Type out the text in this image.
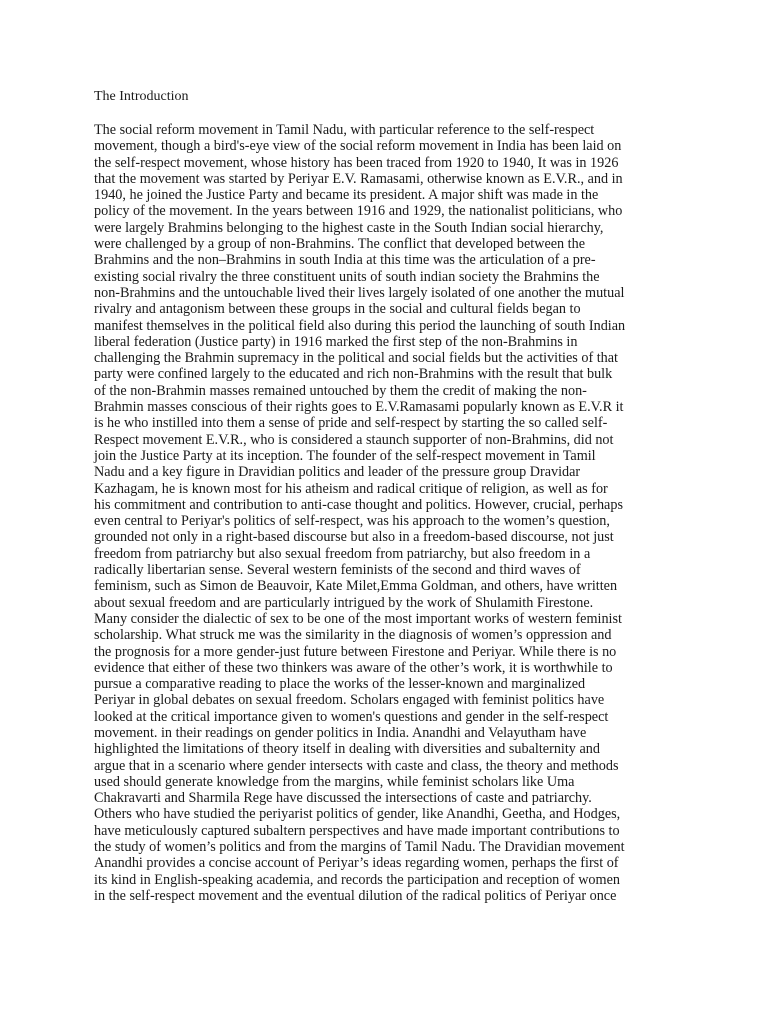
The Introduction
The social reform movement in Tamil Nadu, with particular reference to the self-respect
movement, though a bird's-eye view of the social reform movement in India has been laid on
the self-respect movement, whose history has been traced from 1920 to 1940, It was in 1926
that the movement was started by Periyar E.V. Ramasami, otherwise known as E.V.R., and in
1940, he joined the Justice Party and became its president. A major shift was made in the
policy of the movement. In the years between 1916 and 1929, the nationalist politicians, who
were largely Brahmins belonging to the highest caste in the South Indian social hierarchy,
were challenged by a group of non-Brahmins. The conflict that developed between the
Brahmins and the non–Brahmins in south India at this time was the articulation of a pre-
existing social rivalry the three constituent units of south indian society the Brahmins the
non-Brahmins and the untouchable lived their lives largely isolated of one another the mutual
rivalry and antagonism between these groups in the social and cultural fields began to
manifest themselves in the political field also during this period the launching of south Indian
liberal federation (Justice party) in 1916 marked the first step of the non-Brahmins in
challenging the Brahmin supremacy in the political and social fields but the activities of that
party were confined largely to the educated and rich non-Brahmins with the result that bulk
of the non-Brahmin masses remained untouched by them the credit of making the non-
Brahmin masses conscious of their rights goes to E.V.Ramasami popularly known as E.V.R it
is he who instilled into them a sense of pride and self-respect by starting the so called self-
Respect movement E.V.R., who is considered a staunch supporter of non-Brahmins, did not
join the Justice Party at its inception. The founder of the self-respect movement in Tamil
Nadu and a key figure in Dravidian politics and leader of the pressure group Dravidar
Kazhagam, he is known most for his atheism and radical critique of religion, as well as for
his commitment and contribution to anti-case thought and politics. However, crucial, perhaps
even central to Periyar's politics of self-respect, was his approach to the women’s question,
grounded not only in a right-based discourse but also in a freedom-based discourse, not just
freedom from patriarchy but also sexual freedom from patriarchy, but also freedom in a
radically libertarian sense. Several western feminists of the second and third waves of
feminism, such as Simon de Beauvoir, Kate Milet,Emma Goldman, and others, have written
about sexual freedom and are particularly intrigued by the work of Shulamith Firestone.
Many consider the dialectic of sex to be one of the most important works of western feminist
scholarship. What struck me was the similarity in the diagnosis of women’s oppression and
the prognosis for a more gender-just future between Firestone and Periyar. While there is no
evidence that either of these two thinkers was aware of the other’s work, it is worthwhile to
pursue a comparative reading to place the works of the lesser-known and marginalized
Periyar in global debates on sexual freedom. Scholars engaged with feminist politics have
looked at the critical importance given to women's questions and gender in the self-respect
movement. in their readings on gender politics in India. Anandhi and Velayutham have
highlighted the limitations of theory itself in dealing with diversities and subalternity and
argue that in a scenario where gender intersects with caste and class, the theory and methods
used should generate knowledge from the margins, while feminist scholars like Uma
Chakravarti and Sharmila Rege have discussed the intersections of caste and patriarchy.
Others who have studied the periyarist politics of gender, like Anandhi, Geetha, and Hodges,
have meticulously captured subaltern perspectives and have made important contributions to
the study of women’s politics and from the margins of Tamil Nadu. The Dravidian movement
Anandhi provides a concise account of Periyar’s ideas regarding women, perhaps the first of
its kind in English-speaking academia, and records the participation and reception of women
in the self-respect movement and the eventual dilution of the radical politics of Periyar once
